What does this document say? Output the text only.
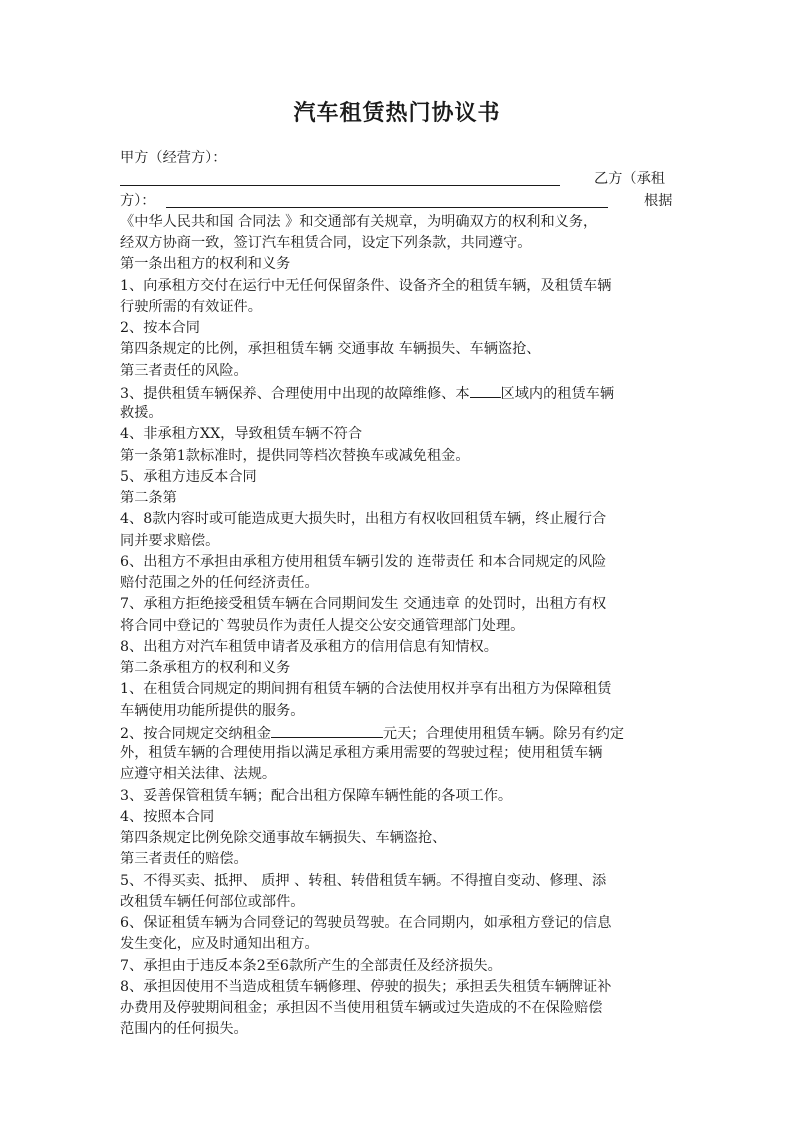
汽车租赁热门协议书
甲方（经营方）：
乙方（承租
方）：	根据
《中华人民共和国 合同法 》和交通部有关规章，为明确双方的权利和义务，
经双方协商一致，签订汽车租赁合同，设定下列条款，共同遵守。
第一条出租方的权利和义务
1、向承租方交付在运行中无任何保留条件、设备齐全的租赁车辆，及租赁车辆
行驶所需的有效证件。
2、按本合同
第四条规定的比例，承担租赁车辆 交通事故 车辆损失、车辆盗抢、
第三者责任的风险。
3、提供租赁车辆保养、合理使用中出现的故障维修、本 区域内的租赁车辆
救援。
4、非承租方XX，导致租赁车辆不符合
第一条第1款标准时，提供同等档次替换车或减免租金。
5、承租方违反本合同
第二条第
4、8款内容时或可能造成更大损失时，出租方有权收回租赁车辆，终止履行合
同并要求赔偿。
6、出租方不承担由承租方使用租赁车辆引发的 连带责任 和本合同规定的风险
赔付范围之外的任何经济责任。
7、承租方拒绝接受租赁车辆在合同期间发生 交通违章 的处罚时，出租方有权
将合同中登记的`驾驶员作为责任人提交公安交通管理部门处理。
8、出租方对汽车租赁申请者及承租方的信用信息有知情权。
第二条承租方的权利和义务
1、在租赁合同规定的期间拥有租赁车辆的合法使用权并享有出租方为保障租赁
车辆使用功能所提供的服务。
2、按合同规定交纳租金	元天；合理使用租赁车辆。除另有约定
外，租赁车辆的合理使用指以满足承租方乘用需要的驾驶过程；使用租赁车辆
应遵守相关法律、法规。
3、妥善保管租赁车辆；配合出租方保障车辆性能的各项工作。
4、按照本合同
第四条规定比例免除交通事故车辆损失、车辆盗抢、
第三者责任的赔偿。
5、不得买卖、抵押、 质押 、转租、转借租赁车辆。不得擅自变动、修理、添
改租赁车辆任何部位或部件。
6、保证租赁车辆为合同登记的驾驶员驾驶。在合同期内，如承租方登记的信息
发生变化，应及时通知出租方。
7、承担由于违反本条2至6款所产生的全部责任及经济损失。
8、承担因使用不当造成租赁车辆修理、停驶的损失；承担丢失租赁车辆牌证补
办费用及停驶期间租金；承担因不当使用租赁车辆或过失造成的不在保险赔偿
范围内的任何损失。
